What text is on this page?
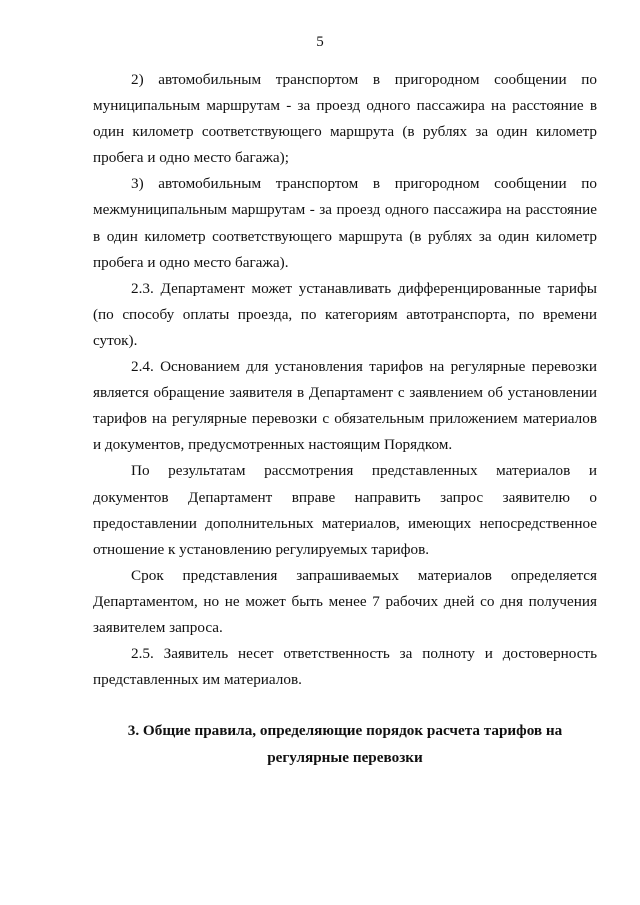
5

2) автомобильным транспортом в пригородном сообщении по муниципальным маршрутам - за проезд одного пассажира на расстояние в один километр соответствующего маршрута (в рублях за один километр пробега и одно место багажа);

3) автомобильным транспортом в пригородном сообщении по межмуниципальным маршрутам - за проезд одного пассажира на расстояние в один километр соответствующего маршрута (в рублях за один километр пробега и одно место багажа).

2.3. Департамент может устанавливать дифференцированные тарифы (по способу оплаты проезда, по категориям автотранспорта, по времени суток).

2.4. Основанием для установления тарифов на регулярные перевозки является обращение заявителя в Департамент с заявлением об установлении тарифов на регулярные перевозки с обязательным приложением материалов и документов, предусмотренных настоящим Порядком.

По результатам рассмотрения представленных материалов и документов Департамент вправе направить запрос заявителю о предоставлении дополнительных материалов, имеющих непосредственное отношение к установлению регулируемых тарифов.

Срок представления запрашиваемых материалов определяется Департаментом, но не может быть менее 7 рабочих дней со дня получения заявителем запроса.

2.5. Заявитель несет ответственность за полноту и достоверность представленных им материалов.

3. Общие правила, определяющие порядок расчета тарифов на
регулярные перевозки
